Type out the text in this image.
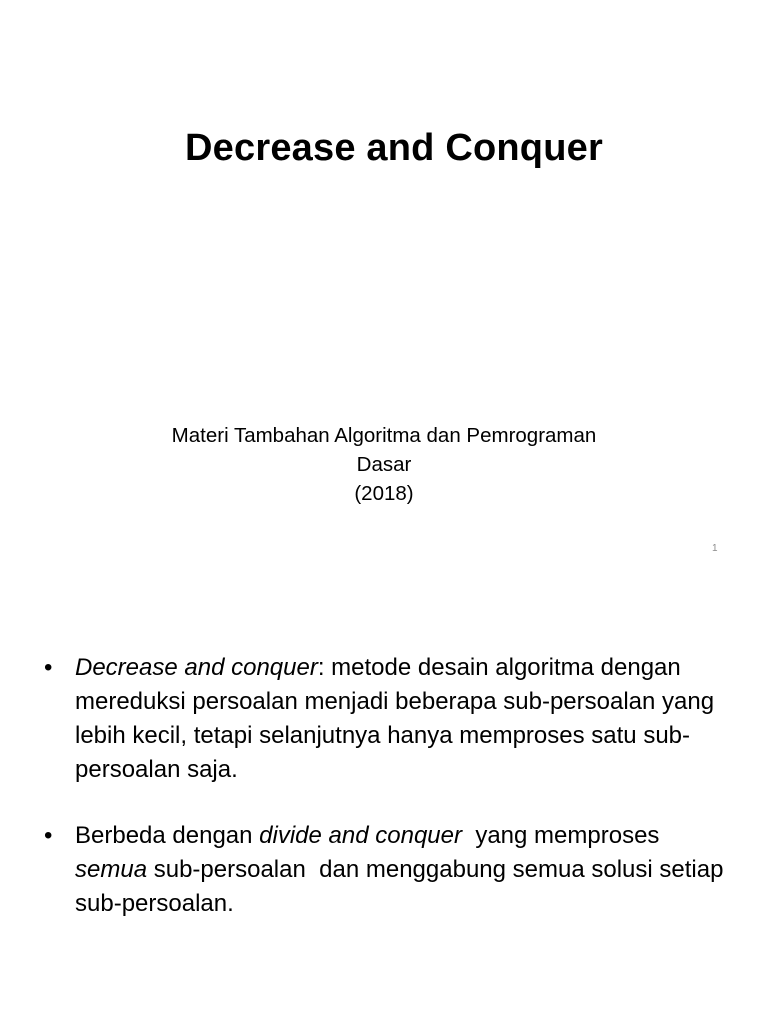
Decrease and Conquer
Materi Tambahan Algoritma dan Pemrograman
Dasar
(2018)
1
• Decrease and conquer: metode desain algoritma dengan mereduksi persoalan menjadi beberapa sub-persoalan yang lebih kecil, tetapi selanjutnya hanya memproses satu sub-persoalan saja.
• Berbeda dengan divide and conquer  yang memproses semua sub-persoalan  dan menggabung semua solusi setiap sub-persoalan.
